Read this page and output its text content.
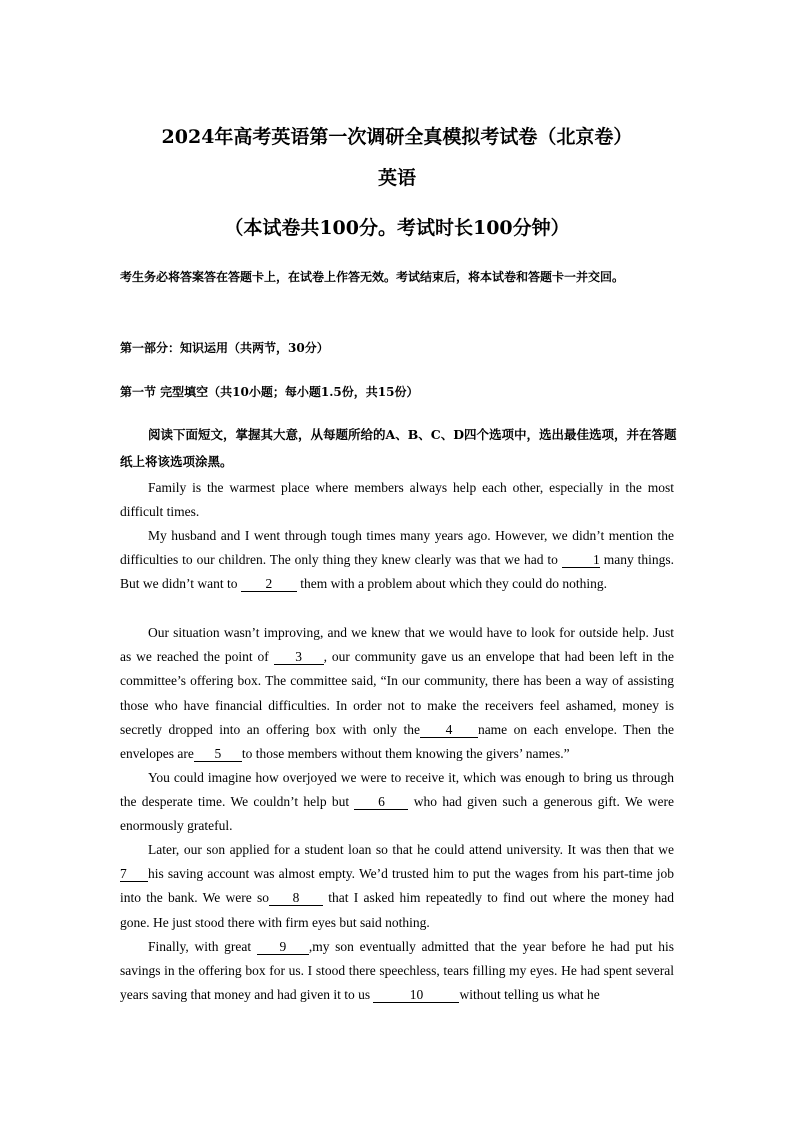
2024年高考英语第一次调研全真模拟考试卷（北京卷）
英语
（本试卷共100分。考试时长100分钟）
考生务必将答案答在答题卡上，在试卷上作答无效。考试结束后，将本试卷和答题卡一并交回。
第一部分：知识运用（共两节，30分）
第一节 完型填空（共10小题；每小题1.5份，共15份）
阅读下面短文，掌握其大意，从每题所给的A、B、C、D四个选项中，选出最佳选项，并在答题纸上将该选项涂黑。
Family is the warmest place where members always help each other, especially in the most difficult times.
My husband and I went through tough times many years ago. However, we didn’t mention the difficulties to our children. The only thing they knew clearly was that we had to	1 many things. But we didn’t want to 2 them with a problem about which they could do nothing.
Our situation wasn’t improving, and we knew that we would have to look for outside help. Just as we reached the point of 3 , our community gave us an envelope that had been left in the committee’s offering box. The committee said, “In our community, there has been a way of assisting those who have financial difficulties. In order not to make the receivers feel ashamed, money is secretly dropped into an offering box with only the 4 name on each envelope. Then the envelopes are 5 to those members without them knowing the givers’ names.”
You could imagine how overjoyed we were to receive it, which was enough to bring us through the desperate time. We couldn’t help but 6 who had given such a generous gift. We were enormously grateful.
Later, our son applied for a student loan so that he could attend university. It was then that we 7 his saving account was almost empty. We’d trusted him to put the wages from his part-time job into the bank. We were so 8 that I asked him repeatedly to find out where the money had gone. He just stood there with firm eyes but said nothing.
Finally, with great 9 ,my son eventually admitted that the year before he had put his savings in the offering box for us. I stood there speechless, tears filling my eyes. He had spent several years saving that money and had given it to us	10	without telling us what he
